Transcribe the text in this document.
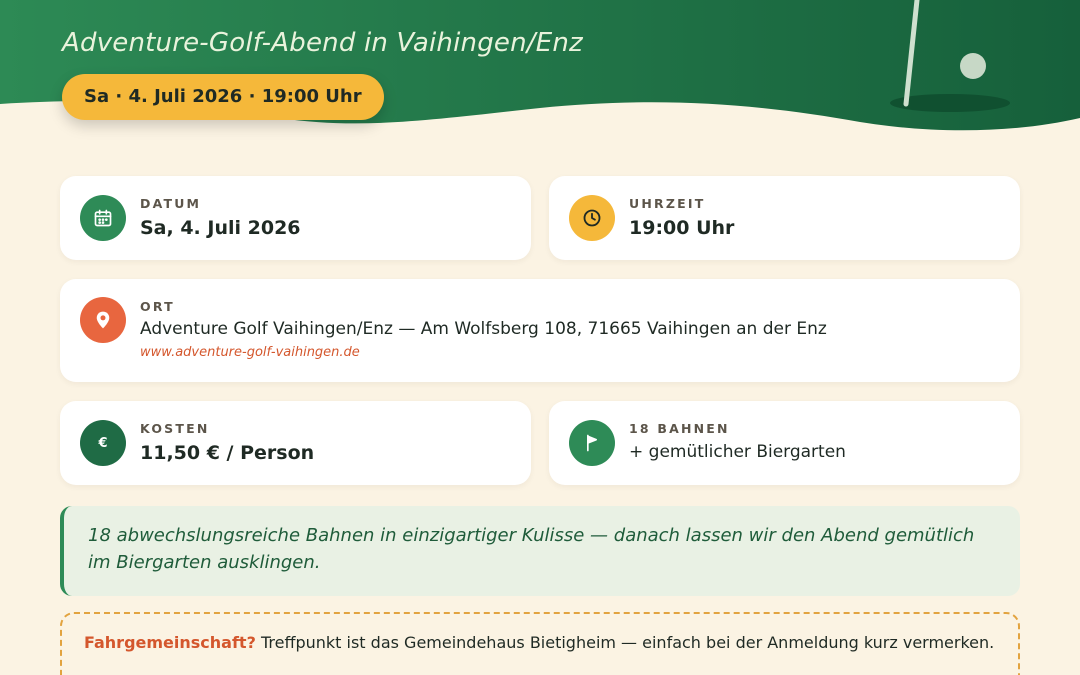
Adventure-Golf-Abend in Vaihingen/Enz
Sa · 4. Juli 2026 · 19:00 Uhr
DATUM
Sa, 4. Juli 2026
UHRZEIT
19:00 Uhr
ORT
Adventure Golf Vaihingen/Enz — Am Wolfsberg 108, 71665 Vaihingen an der Enz
www.adventure-golf-vaihingen.de
€
KOSTEN
11,50 € / Person
18 BAHNEN
+ gemütlicher Biergarten

18 abwechslungsreiche Bahnen in einzigartiger Kulisse — danach lassen wir den Abend gemütlich im Biergarten ausklingen.

Fahrgemeinschaft? Treffpunkt ist das Gemeindehaus Bietigheim — einfach bei der Anmeldung kurz vermerken.
